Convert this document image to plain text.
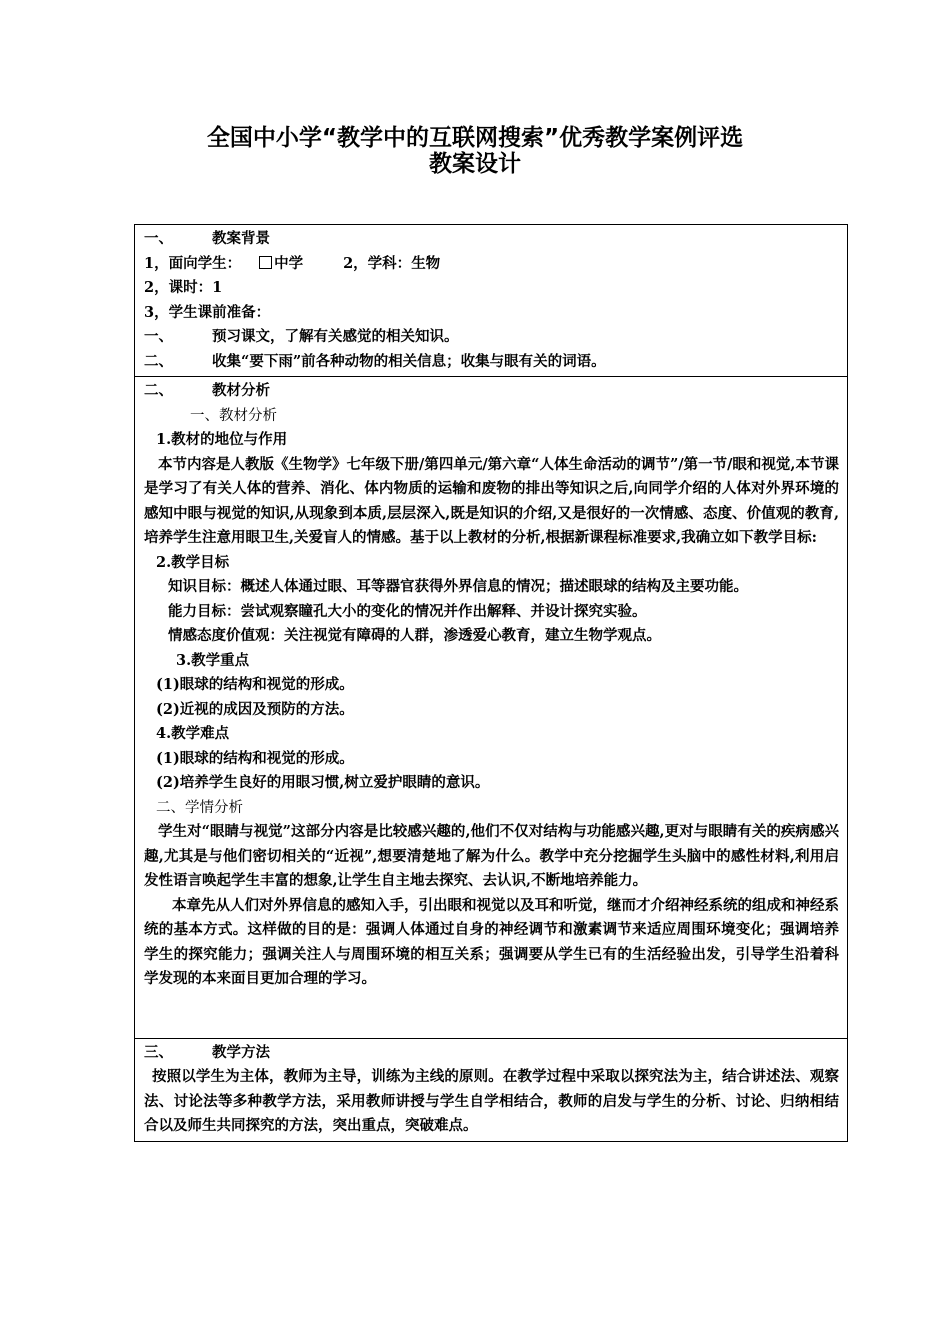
全国中小学“教学中的互联网搜索”优秀教学案例评选
教案设计
一、	教案背景
1，面向学生： 中学	2，学科：生物
2，课时：1
3，学生课前准备：
一、	预习课文，了解有关感觉的相关知识。
二、	收集“要下雨”前各种动物的相关信息；收集与眼有关的词语。

二、	教材分析
一、教材分析
1.教材的地位与作用
本节内容是人教版《生物学》七年级下册/第四单元/第六章“人体生命活动的调节”/第一节/眼和视觉,本节课是学习了有关人体的营养、消化、体内物质的运输和废物的排出等知识之后,向同学介绍的人体对外界环境的感知中眼与视觉的知识,从现象到本质,层层深入,既是知识的介绍,又是很好的一次情感、态度、价值观的教育,培养学生注意用眼卫生,关爱盲人的情感。基于以上教材的分析,根据新课程标准要求,我确立如下教学目标:
2.教学目标
知识目标：概述人体通过眼、耳等器官获得外界信息的情况；描述眼球的结构及主要功能。
能力目标：尝试观察瞳孔大小的变化的情况并作出解释、并设计探究实验。
情感态度价值观：关注视觉有障碍的人群，渗透爱心教育，建立生物学观点。
3.教学重点
(1)眼球的结构和视觉的形成。
(2)近视的成因及预防的方法。
4.教学难点
(1)眼球的结构和视觉的形成。
(2)培养学生良好的用眼习惯,树立爱护眼睛的意识。
二、学情分析
学生对“眼睛与视觉”这部分内容是比较感兴趣的,他们不仅对结构与功能感兴趣,更对与眼睛有关的疾病感兴趣,尤其是与他们密切相关的“近视”,想要清楚地了解为什么。教学中充分挖掘学生头脑中的感性材料,利用启发性语言唤起学生丰富的想象,让学生自主地去探究、去认识,不断地培养能力。
本章先从人们对外界信息的感知入手，引出眼和视觉以及耳和听觉，继而才介绍神经系统的组成和神经系统的基本方式。这样做的目的是：强调人体通过自身的神经调节和激素调节来适应周围环境变化；强调培养学生的探究能力；强调关注人与周围环境的相互关系；强调要从学生已有的生活经验出发，引导学生沿着科学发现的本来面目更加合理的学习。

三、	教学方法
按照以学生为主体，教师为主导，训练为主线的原则。在教学过程中采取以探究法为主，结合讲述法、观察法、讨论法等多种教学方法，采用教师讲授与学生自学相结合，教师的启发与学生的分析、讨论、归纳相结合以及师生共同探究的方法，突出重点，突破难点。
